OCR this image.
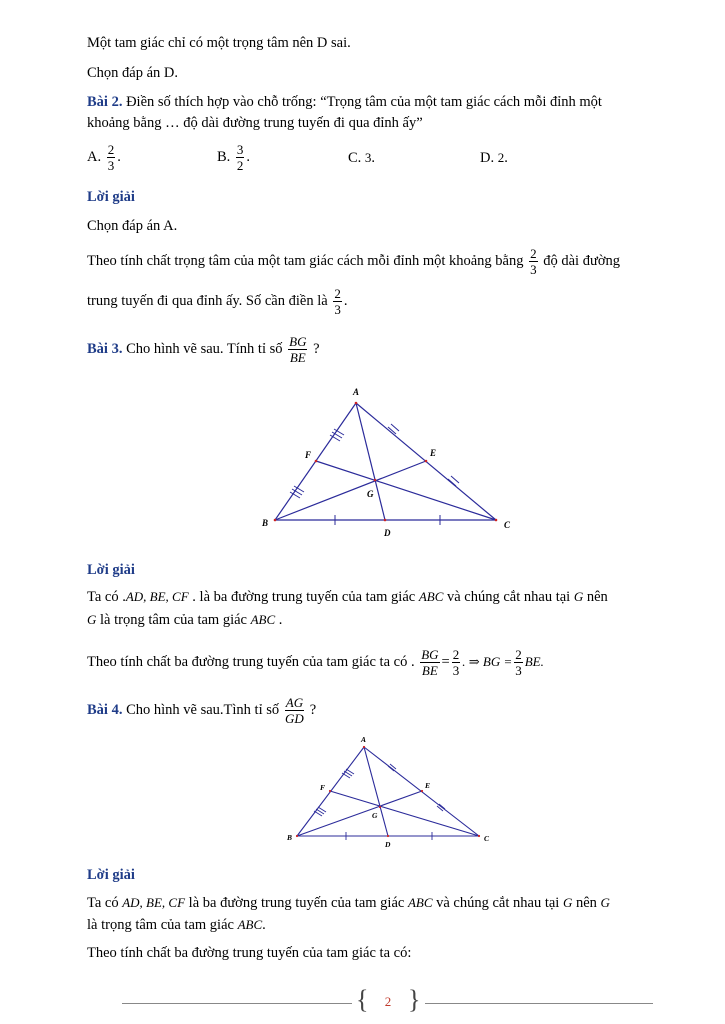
Một tam giác chỉ có một trọng tâm nên D sai.
Chọn đáp án D.
Bài 2. Điền số thích hợp vào chỗ trống: “Trọng tâm của một tam giác cách mỗi đỉnh một
khoảng bằng … độ dài đường trung tuyến đi qua đỉnh ấy”
A. $\frac{2}{3}$ .	B. $\frac{3}{2}$ .	C. 3.	D. 2.
Lời giải
Chọn đáp án A.
Theo tính chất trọng tâm của một tam giác cách mỗi đỉnh một khoảng bằng $\frac{2}{3}$ độ dài đường
trung tuyến đi qua đỉnh ấy. Số cần điền là $\frac{2}{3}$ .
Bài 3. Cho hình vẽ sau. Tính tỉ số $\frac{BG}{BE}$ ?
A
B	C
D
E
F
G
Lời giải
Ta có .AD, BE, CF . là ba đường trung tuyến của tam giác ABC và chúng cắt nhau tại G nên
G là trọng tâm của tam giác ABC .
Theo tính chất ba đường trung tuyến của tam giác ta có . $\frac{BG}{BE} = \frac{2}{3}$ . ⇒ BG = $\frac{2}{3}$ BE.
Bài 4. Cho hình vẽ sau.Tình tỉ số $\frac{AG}{GD}$ ?
A
B	C
D
E
F
G
Lời giải
Ta có AD, BE, CF là ba đường trung tuyến của tam giác ABC và chúng cắt nhau tại G nên G
là trọng tâm của tam giác ABC.
Theo tính chất ba đường trung tuyến của tam giác ta có:
{	2 }
